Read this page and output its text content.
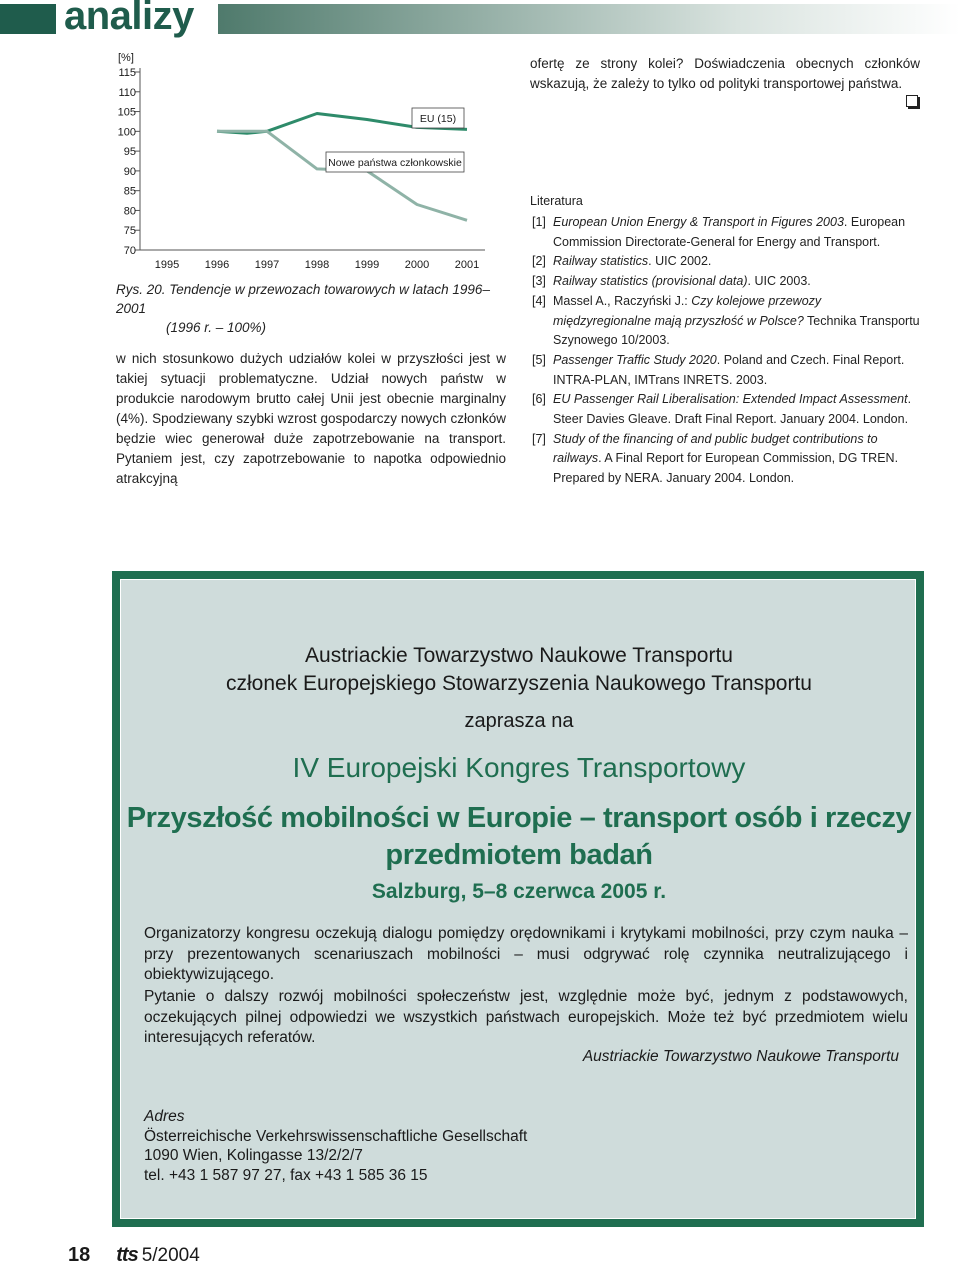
analizy
[%]
115
110
105
100
95
90
85
80
75
70
1995 1996 1997 1998 1999 2000 2001
EU (15)
Nowe państwa członkowskie
Rys. 20. Tendencje w przewozach towarowych w latach 1996–2001
(1996 r. – 100%)
w nich stosunkowo dużych udziałów kolei w przyszłości jest w takiej sytuacji problematyczne. Udział nowych państw w produkcie narodowym brutto całej Unii jest obecnie marginalny (4%). Spodziewany szybki wzrost gospodarczy nowych członków będzie wiec generował duże zapotrzebowanie na transport. Pytaniem jest, czy zapotrzebowanie to napotka odpowiednio atrakcyjną
ofertę ze strony kolei? Doświadczenia obecnych członków wskazują, że zależy to tylko od polityki transportowej państwa.
Literatura
[1] European Union Energy & Transport in Figures 2003. European Commission Directorate-General for Energy and Transport.
[2] Railway statistics. UIC 2002.
[3] Railway statistics (provisional data). UIC 2003.
[4] Massel A., Raczyński J.: Czy kolejowe przewozy międzyregionalne mają przyszłość w Polsce? Technika Transportu Szynowego 10/2003.
[5] Passenger Traffic Study 2020. Poland and Czech. Final Report. INTRA-PLAN, IMTrans INRETS. 2003.
[6] EU Passenger Rail Liberalisation: Extended Impact Assessment. Steer Davies Gleave. Draft Final Report. January 2004. London.
[7] Study of the financing of and public budget contributions to railways. A Final Report for European Commission, DG TREN. Prepared by NERA. January 2004. London.
Austriackie Towarzystwo Naukowe Transportu
członek Europejskiego Stowarzyszenia Naukowego Transportu
zaprasza na
IV Europejski Kongres Transportowy
Przyszłość mobilności w Europie – transport osób i rzeczy przedmiotem badań
Salzburg, 5–8 czerwca 2005 r.
Organizatorzy kongresu oczekują dialogu pomiędzy orędownikami i krytykami mobilności, przy czym nauka – przy prezentowanych scenariuszach mobilności – musi odgrywać rolę czynnika neutralizującego i obiektywizującego.
Pytanie o dalszy rozwój mobilności społeczeństw jest, względnie może być, jednym z podstawowych, oczekujących pilnej odpowiedzi we wszystkich państwach europejskich. Może też być przedmiotem wielu interesujących referatów.
Austriackie Towarzystwo Naukowe Transportu
Adres
Österreichische Verkehrswissenschaftliche Gesellschaft
1090 Wien, Kolingasse 13/2/2/7
tel. +43 1 587 97 27, fax +43 1 585 36 15
18 tts 5/2004
